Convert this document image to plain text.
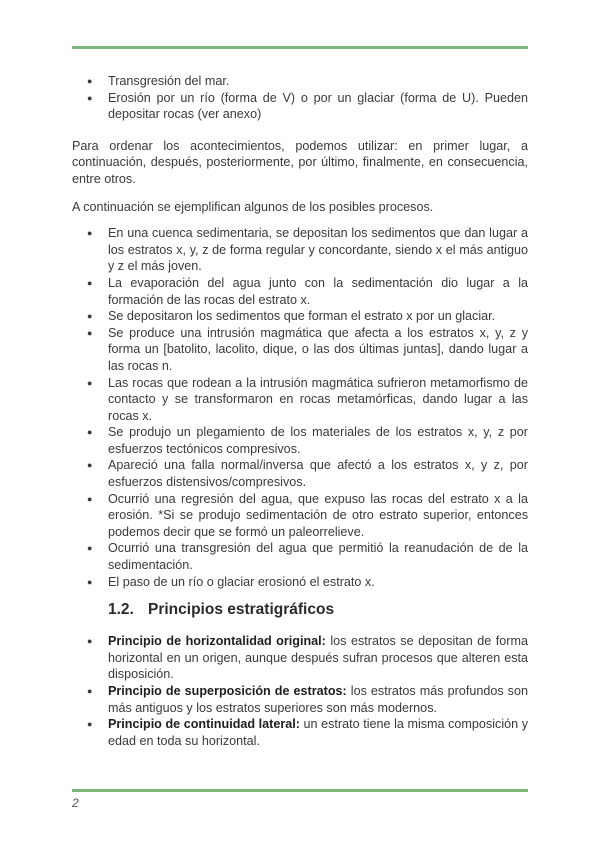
● Transgresión del mar.
● Erosión por un río (forma de V) o por un glaciar (forma de U). Pueden depositar rocas (ver anexo)

Para ordenar los acontecimientos, podemos utilizar: en primer lugar, a continuación, después, posteriormente, por último, finalmente, en consecuencia, entre otros.

A continuación se ejemplifican algunos de los posibles procesos.

● En una cuenca sedimentaria, se depositan los sedimentos que dan lugar a los estratos x, y, z de forma regular y concordante, siendo x el más antiguo y z el más joven.
● La evaporación del agua junto con la sedimentación dio lugar a la formación de las rocas del estrato x.
● Se depositaron los sedimentos que forman el estrato x por un glaciar.
● Se produce una intrusión magmática que afecta a los estratos x, y, z y forma un [batolito, lacolito, dique, o las dos últimas juntas], dando lugar a las rocas n.
● Las rocas que rodean a la intrusión magmática sufrieron metamorfismo de contacto y se transformaron en rocas metamórficas, dando lugar a las rocas x.
● Se produjo un plegamiento de los materiales de los estratos x, y, z por esfuerzos tectónicos compresivos.
● Apareció una falla normal/inversa que afectó a los estratos x, y z, por esfuerzos distensivos/compresivos.
● Ocurrió una regresión del agua, que expuso las rocas del estrato x a la erosión. *Si se produjo sedimentación de otro estrato superior, entonces podemos decir que se formó un paleorrelieve.
● Ocurrió una transgresión del agua que permitió la reanudación de de la sedimentación.
● El paso de un río o glaciar erosionó el estrato x.
1.2. Principios estratigráficos
● Principio de horizontalidad original: los estratos se depositan de forma horizontal en un origen, aunque después sufran procesos que alteren esta disposición.
● Principio de superposición de estratos: los estratos más profundos son más antiguos y los estratos superiores son más modernos.
● Principio de continuidad lateral: un estrato tiene la misma composición y edad en toda su horizontal.
2
